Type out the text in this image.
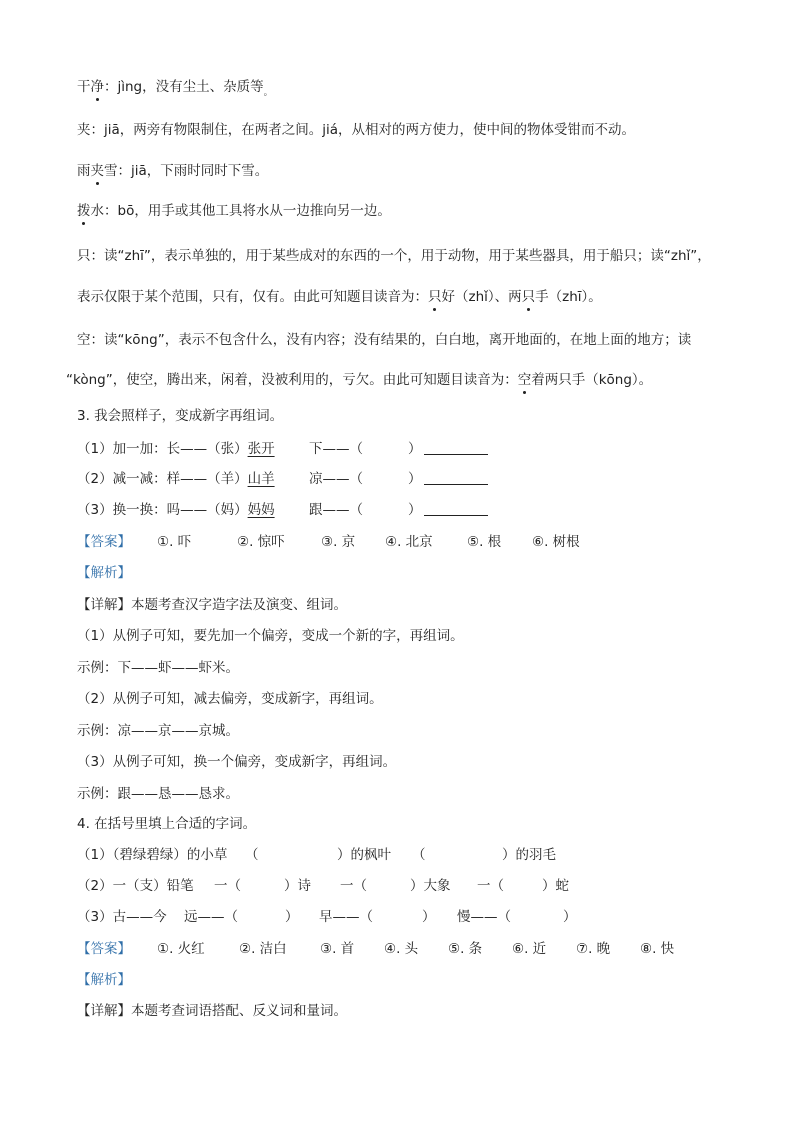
干净：jìng，没有尘土、杂质等$_。$
夹：jiā，两旁有物限制住，在两者之间。jiá，从相对的两方使力，使中间的物体受钳而不动。
雨夹雪：jiā，下雨时同时下雪。
拨水：bō，用手或其他工具将水从一边推向另一边。
只：读“zhī”，表示单独的，用于某些成对的东西的一个，用于动物，用于某些器具，用于船只；读“zhǐ”，
表示仅限于某个范围，只有，仅有。由此可知题目读音为：只好（zhǐ）、两只手（zhī）。
空：读“kōng”，表示不包含什么，没有内容；没有结果的，白白地，离开地面的，在地上面的地方；读
“kòng”，使空，腾出来，闲着，没被利用的，亏欠。由此可知题目读音为：空着两只手（kōng）。
3. 我会照样子，变成新字再组词。
（1）加一加：长——（张）张开	下——（	）
（2）减一减：样——（羊）山羊	凉——（	）
（3）换一换：吗——（妈）妈妈	跟——（	）
【答案】 ①. 吓	②. 惊吓	③. 京 ④. 北京	⑤. 根 ⑥. 树根
【解析】
【详解】本题考查汉字造字法及演变、组词。
（1）从例子可知，要先加一个偏旁，变成一个新的字，再组词。
示例：下——虾——虾米。
（2）从例子可知，减去偏旁，变成新字，再组词。
示例：凉——京——京城。
（3）从例子可知，换一个偏旁，变成新字，再组词。
示例：跟——恳——恳求。
4. 在括号里填上合适的字词。
（1）（碧绿碧绿）的小草 （	）的枫叶 （	）的羽毛
（2）一（支）铅笔 一（	）诗 一（	）大象 一（	）蛇
（3）古——今 远——（	） 早——（	） 慢——（	）
【答案】 ①. 火红	②. 洁白 ③. 首 ④. 头 ⑤. 条 ⑥. 近 ⑦. 晚 ⑧. 快
【解析】
【详解】本题考查词语搭配、反义词和量词。
